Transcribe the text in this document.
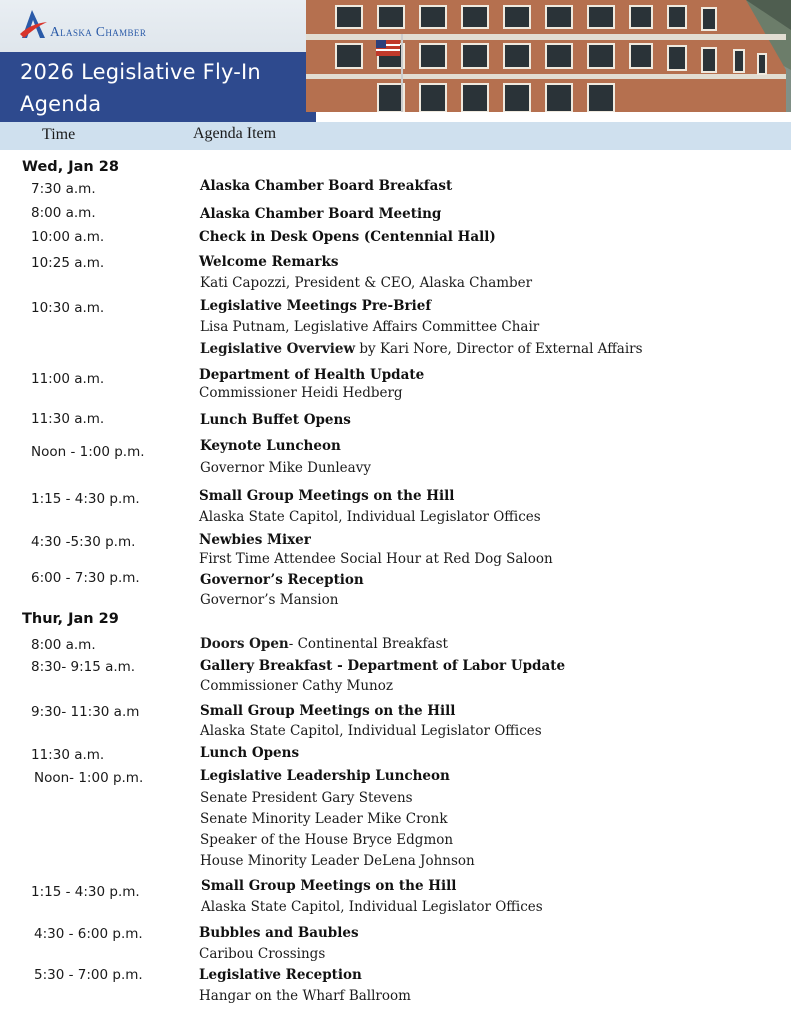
Alaska Chamber
2026 Legislative Fly-In
Agenda
Time	Agenda Item
Wed, Jan 28
7:30 a.m.	Alaska Chamber Board Breakfast
8:00 a.m.	Alaska Chamber Board Meeting
10:00 a.m.	Check in Desk Opens (Centennial Hall)
10:25 a.m.	Welcome Remarks
Kati Capozzi, President & CEO, Alaska Chamber
10:30 a.m.	Legislative Meetings Pre-Brief
Lisa Putnam, Legislative Affairs Committee Chair
Legislative Overview by Kari Nore, Director of External Affairs
11:00 a.m.	Department of Health Update
Commissioner Heidi Hedberg
11:30 a.m.	Lunch Buffet Opens
Noon - 1:00 p.m.	Keynote Luncheon
Governor Mike Dunleavy
1:15 - 4:30 p.m.	Small Group Meetings on the Hill
Alaska State Capitol, Individual Legislator Offices
4:30 -5:30 p.m.	Newbies Mixer
First Time Attendee Social Hour at Red Dog Saloon
6:00 - 7:30 p.m.	Governor’s Reception
Governor’s Mansion
Thur, Jan 29
8:00 a.m.	Doors Open- Continental Breakfast
8:30- 9:15 a.m.	Gallery Breakfast - Department of Labor Update
Commissioner Cathy Munoz
9:30- 11:30 a.m	Small Group Meetings on the Hill
Alaska State Capitol, Individual Legislator Offices
11:30 a.m.	Lunch Opens
Noon- 1:00 p.m.	Legislative Leadership Luncheon
Senate President Gary Stevens
Senate Minority Leader Mike Cronk
Speaker of the House Bryce Edgmon
House Minority Leader DeLena Johnson
1:15 - 4:30 p.m.	Small Group Meetings on the Hill
Alaska State Capitol, Individual Legislator Offices
4:30 - 6:00 p.m.	Bubbles and Baubles
Caribou Crossings
5:30 - 7:00 p.m.	Legislative Reception
Hangar on the Wharf Ballroom
